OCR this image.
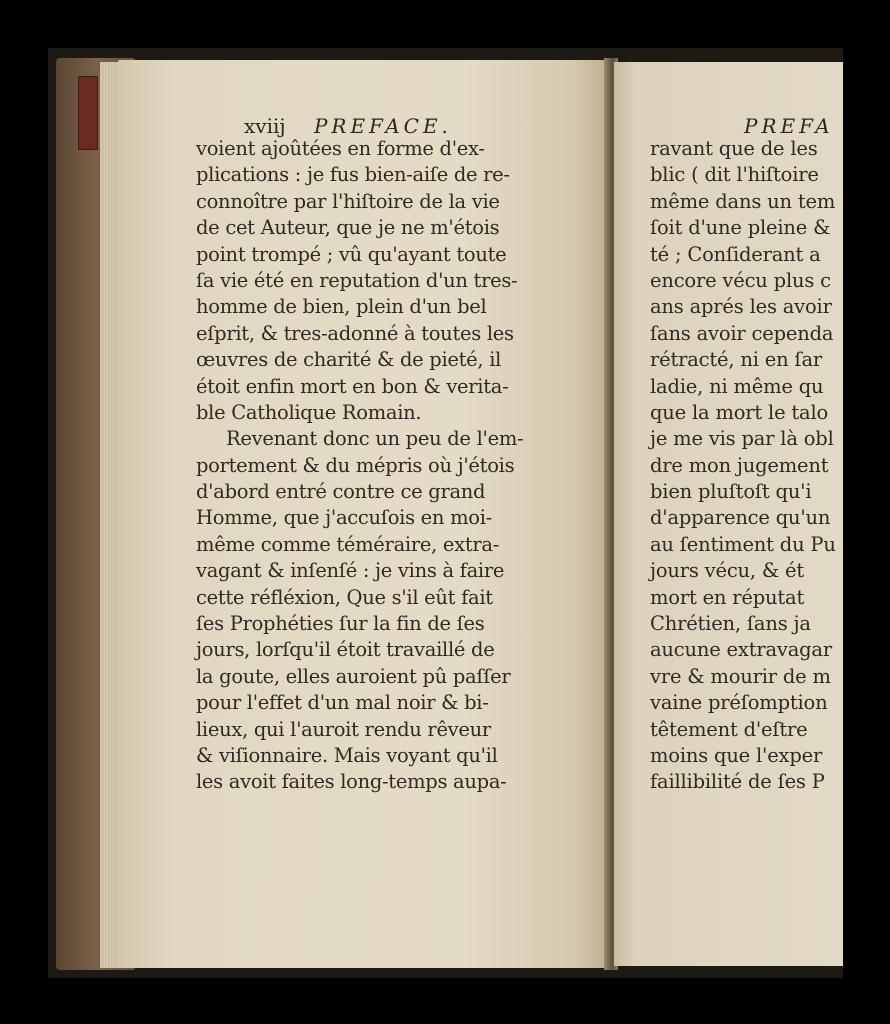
xviij PREFACE.	PREFA
voient ajoûtées en forme d'ex-
plications : je fus bien-aiſe de re-
connoître par l'hiſtoire de la vie
de cet Auteur, que je ne m'étois
point trompé ; vû qu'ayant toute
ſa vie été en reputation d'un tres-
homme de bien, plein d'un bel
eſprit, & tres-adonné à toutes les
œuvres de charité & de pieté, il
étoit enfin mort en bon & verita-
ble Catholique Romain.
Revenant donc un peu de l'em-
portement & du mépris où j'étois
d'abord entré contre ce grand
Homme, que j'accuſois en moi-
même comme téméraire, extra-
vagant & inſenſé : je vins à faire
cette réfléxion, Que s'il eût fait
ſes Prophéties ſur la fin de ſes
jours, lorſqu'il étoit travaillé de
la goute, elles auroient pû paſſer
pour l'effet d'un mal noir & bi-
lieux, qui l'auroit rendu rêveur
& viſionnaire. Mais voyant qu'il
les avoit faites long-temps aupa-
ravant que de les
blic ( dit l'hiſtoire
même dans un tem
ſoit d'une pleine &
té ; Conſiderant a
encore vécu plus c
ans aprés les avoir
ſans avoir cependa
rétracté, ni en ſar
ladie, ni même qu
que la mort le talo
je me vis par là obl
dre mon jugement
bien pluſtoſt qu'i
d'apparence qu'un
au ſentiment du Pu
jours vécu, & ét
mort en réputat
Chrétien, ſans ja
aucune extravagar
vre & mourir de m
vaine préſomption
têtement d'eſtre
moins que l'exper
faillibilité de ſes P
